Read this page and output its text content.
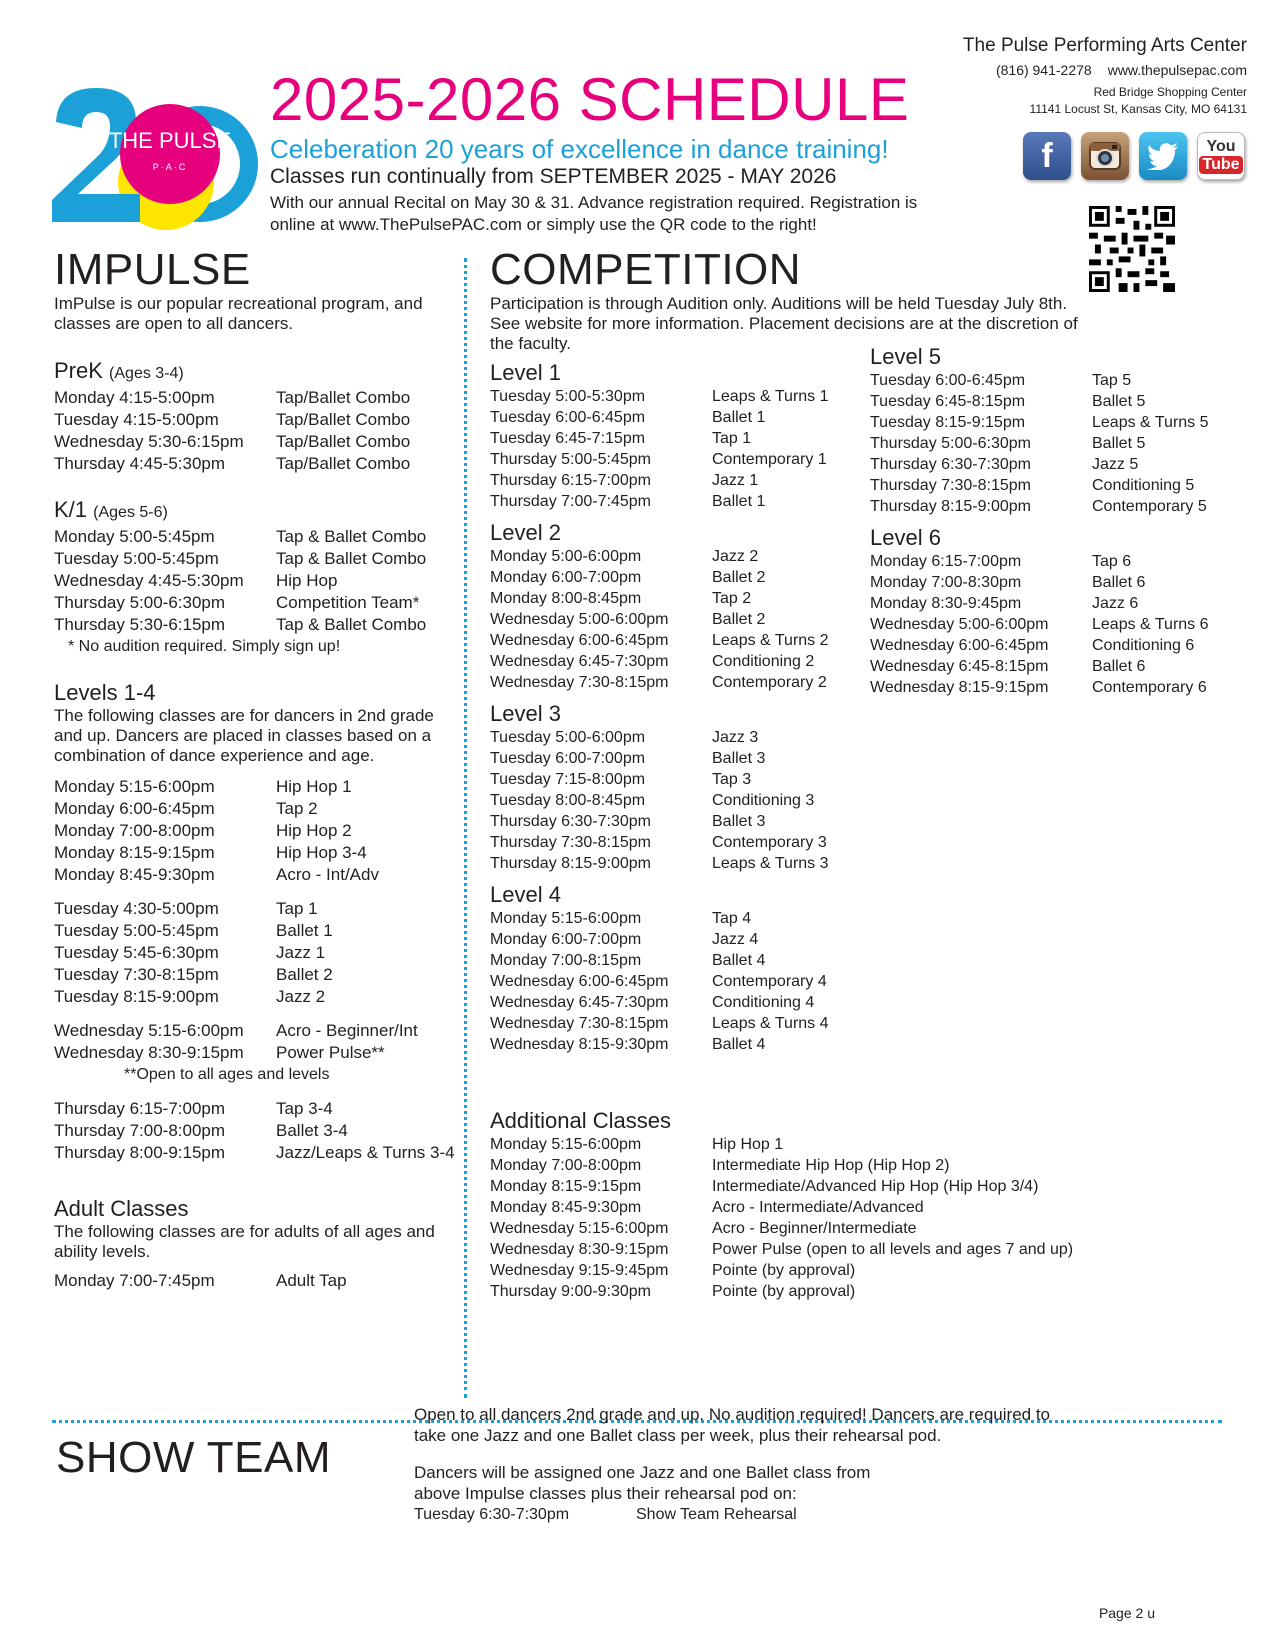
THE PULSE
P·A·C
2025-2026 SCHEDULE
Celeberation 20 years of excellence in dance training!
Classes run continually from SEPTEMBER 2025 - MAY 2026
With our annual Recital on May 30 & 31. Advance registration required. Registration is
online at www.ThePulsePAC.com or simply use the QR code to the right!
The Pulse Performing Arts Center
(816) 941-2278 www.thepulsepac.com
Red Bridge Shopping Center
11141 Locust St, Kansas City, MO 64131
f	You
Tube
IMPULSE
ImPulse is our popular recreational program, and classes are open to all dancers.
PreK (Ages 3-4)
Monday 4:15-5:00pm	Tap/Ballet Combo
Tuesday 4:15-5:00pm	Tap/Ballet Combo
Wednesday 5:30-6:15pm	Tap/Ballet Combo
Thursday 4:45-5:30pm	Tap/Ballet Combo
K/1 (Ages 5-6)
Monday 5:00-5:45pm	Tap & Ballet Combo
Tuesday 5:00-5:45pm	Tap & Ballet Combo
Wednesday 4:45-5:30pm	Hip Hop
Thursday 5:00-6:30pm	Competition Team*
Thursday 5:30-6:15pm	Tap & Ballet Combo
* No audition required. Simply sign up!
Levels 1-4
The following classes are for dancers in 2nd grade and up. Dancers are placed in classes based on a combination of dance experience and age.
Monday 5:15-6:00pm	Hip Hop 1
Monday 6:00-6:45pm	Tap 2
Monday 7:00-8:00pm	Hip Hop 2
Monday 8:15-9:15pm	Hip Hop 3-4
Monday 8:45-9:30pm	Acro - Int/Adv
Tuesday 4:30-5:00pm	Tap 1
Tuesday 5:00-5:45pm	Ballet 1
Tuesday 5:45-6:30pm	Jazz 1
Tuesday 7:30-8:15pm	Ballet 2
Tuesday 8:15-9:00pm	Jazz 2
Wednesday 5:15-6:00pm	Acro - Beginner/Int
Wednesday 8:30-9:15pm	Power Pulse**
**Open to all ages and levels
Thursday 6:15-7:00pm	Tap 3-4
Thursday 7:00-8:00pm	Ballet 3-4
Thursday 8:00-9:15pm	Jazz/Leaps & Turns 3-4
Adult Classes
The following classes are for adults of all ages and ability levels.
Monday 7:00-7:45pm	Adult Tap
COMPETITION
Participation is through Audition only. Auditions will be held Tuesday July 8th. See website for more information. Placement decisions are at the discretion of the faculty.
Level 1
Tuesday 5:00-5:30pm	Leaps & Turns 1
Tuesday 6:00-6:45pm	Ballet 1
Tuesday 6:45-7:15pm	Tap 1
Thursday 5:00-5:45pm	Contemporary 1
Thursday 6:15-7:00pm	Jazz 1
Thursday 7:00-7:45pm	Ballet 1
Level 2
Monday 5:00-6:00pm	Jazz 2
Monday 6:00-7:00pm	Ballet 2
Monday 8:00-8:45pm	Tap 2
Wednesday 5:00-6:00pm	Ballet 2
Wednesday 6:00-6:45pm	Leaps & Turns 2
Wednesday 6:45-7:30pm	Conditioning 2
Wednesday 7:30-8:15pm	Contemporary 2
Level 3
Tuesday 5:00-6:00pm	Jazz 3
Tuesday 6:00-7:00pm	Ballet 3
Tuesday 7:15-8:00pm	Tap 3
Tuesday 8:00-8:45pm	Conditioning 3
Thursday 6:30-7:30pm	Ballet 3
Thursday 7:30-8:15pm	Contemporary 3
Thursday 8:15-9:00pm	Leaps & Turns 3
Level 4
Monday 5:15-6:00pm	Tap 4
Monday 6:00-7:00pm	Jazz 4
Monday 7:00-8:15pm	Ballet 4
Wednesday 6:00-6:45pm	Contemporary 4
Wednesday 6:45-7:30pm	Conditioning 4
Wednesday 7:30-8:15pm	Leaps & Turns 4
Wednesday 8:15-9:30pm	Ballet 4
Level 5
Tuesday 6:00-6:45pm	Tap 5
Tuesday 6:45-8:15pm	Ballet 5
Tuesday 8:15-9:15pm	Leaps & Turns 5
Thursday 5:00-6:30pm	Ballet 5
Thursday 6:30-7:30pm	Jazz 5
Thursday 7:30-8:15pm	Conditioning 5
Thursday 8:15-9:00pm	Contemporary 5
Level 6
Monday 6:15-7:00pm	Tap 6
Monday 7:00-8:30pm	Ballet 6
Monday 8:30-9:45pm	Jazz 6
Wednesday 5:00-6:00pm	Leaps & Turns 6
Wednesday 6:00-6:45pm	Conditioning 6
Wednesday 6:45-8:15pm	Ballet 6
Wednesday 8:15-9:15pm	Contemporary 6
Additional Classes
Monday 5:15-6:00pm	Hip Hop 1
Monday 7:00-8:00pm	Intermediate Hip Hop (Hip Hop 2)
Monday 8:15-9:15pm	Intermediate/Advanced Hip Hop (Hip Hop 3/4)
Monday 8:45-9:30pm	Acro - Intermediate/Advanced
Wednesday 5:15-6:00pm	Acro - Beginner/Intermediate
Wednesday 8:30-9:15pm	Power Pulse (open to all levels and ages 7 and up)
Wednesday 9:15-9:45pm	Pointe (by approval)
Thursday 9:00-9:30pm	Pointe (by approval)
SHOW TEAM
Open to all dancers 2nd grade and up. No audition required! Dancers are required to take one Jazz and one Ballet class per week, plus their rehearsal pod.
Dancers will be assigned one Jazz and one Ballet class from above Impulse classes plus their rehearsal pod on:
Tuesday 6:30-7:30pm	Show Team Rehearsal
Page 2 u
